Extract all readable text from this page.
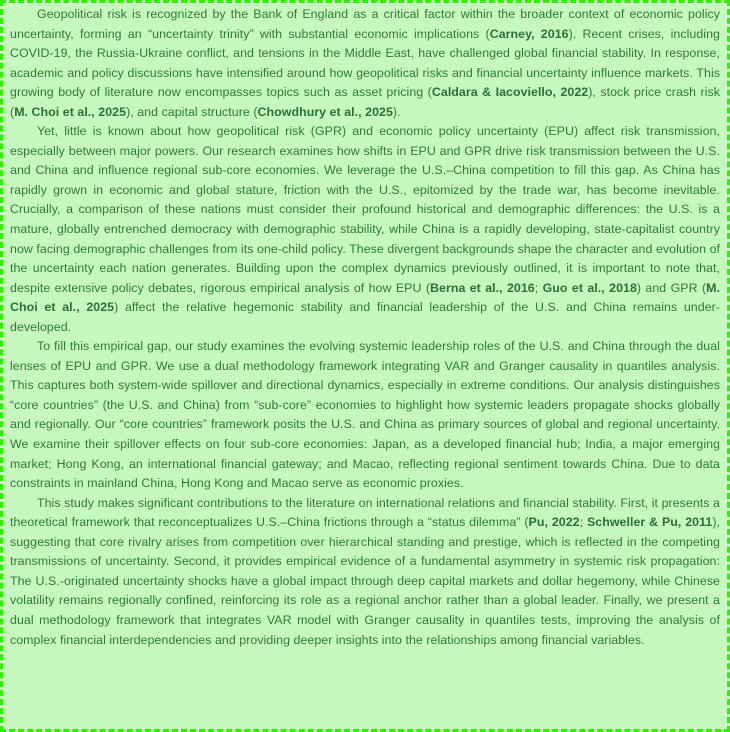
Geopolitical risk is recognized by the Bank of England as a critical factor within the broader context of economic policy uncertainty, forming an “uncertainty trinity” with substantial economic implications (Carney, 2016). Recent crises, including COVID-19, the Russia-Ukraine conflict, and tensions in the Middle East, have challenged global financial stability. In response, academic and policy discussions have intensified around how geopolitical risks and financial uncertainty influence markets. This growing body of literature now encompasses topics such as asset pricing (Caldara & Iacoviello, 2022), stock price crash risk (M. Choi et al., 2025), and capital structure (Chowdhury et al., 2025).

Yet, little is known about how geopolitical risk (GPR) and economic policy uncertainty (EPU) affect risk transmission, especially between major powers. Our research examines how shifts in EPU and GPR drive risk transmission between the U.S. and China and influence regional sub-core economies. We leverage the U.S.–China competition to fill this gap. As China has rapidly grown in economic and global stature, friction with the U.S., epitomized by the trade war, has become inevitable. Crucially, a comparison of these nations must consider their profound historical and demographic differences: the U.S. is a mature, globally entrenched democracy with demographic stability, while China is a rapidly developing, state-capitalist country now facing demographic challenges from its one-child policy. These divergent backgrounds shape the character and evolution of the uncertainty each nation generates. Building upon the complex dynamics previously outlined, it is important to note that, despite extensive policy debates, rigorous empirical analysis of how EPU (Berna et al., 2016; Guo et al., 2018) and GPR (M. Choi et al., 2025) affect the relative hegemonic stability and financial leadership of the U.S. and China remains under-developed.

To fill this empirical gap, our study examines the evolving systemic leadership roles of the U.S. and China through the dual lenses of EPU and GPR. We use a dual methodology framework integrating VAR and Granger causality in quantiles analysis. This captures both system-wide spillover and directional dynamics, especially in extreme conditions. Our analysis distinguishes “core countries” (the U.S. and China) from “sub-core” economies to highlight how systemic leaders propagate shocks globally and regionally. Our “core countries” framework posits the U.S. and China as primary sources of global and regional uncertainty. We examine their spillover effects on four sub-core economies: Japan, as a developed financial hub; India, a major emerging market; Hong Kong, an international financial gateway; and Macao, reflecting regional sentiment towards China. Due to data constraints in mainland China, Hong Kong and Macao serve as economic proxies.

This study makes significant contributions to the literature on international relations and financial stability. First, it presents a theoretical framework that reconceptualizes U.S.–China frictions through a “status dilemma” (Pu, 2022; Schweller & Pu, 2011), suggesting that core rivalry arises from competition over hierarchical standing and prestige, which is reflected in the competing transmissions of uncertainty. Second, it provides empirical evidence of a fundamental asymmetry in systemic risk propagation: The U.S.-originated uncertainty shocks have a global impact through deep capital markets and dollar hegemony, while Chinese volatility remains regionally confined, reinforcing its role as a regional anchor rather than a global leader. Finally, we present a dual methodology framework that integrates VAR model with Granger causality in quantiles tests, improving the analysis of complex financial interdependencies and providing deeper insights into the relationships among financial variables.
